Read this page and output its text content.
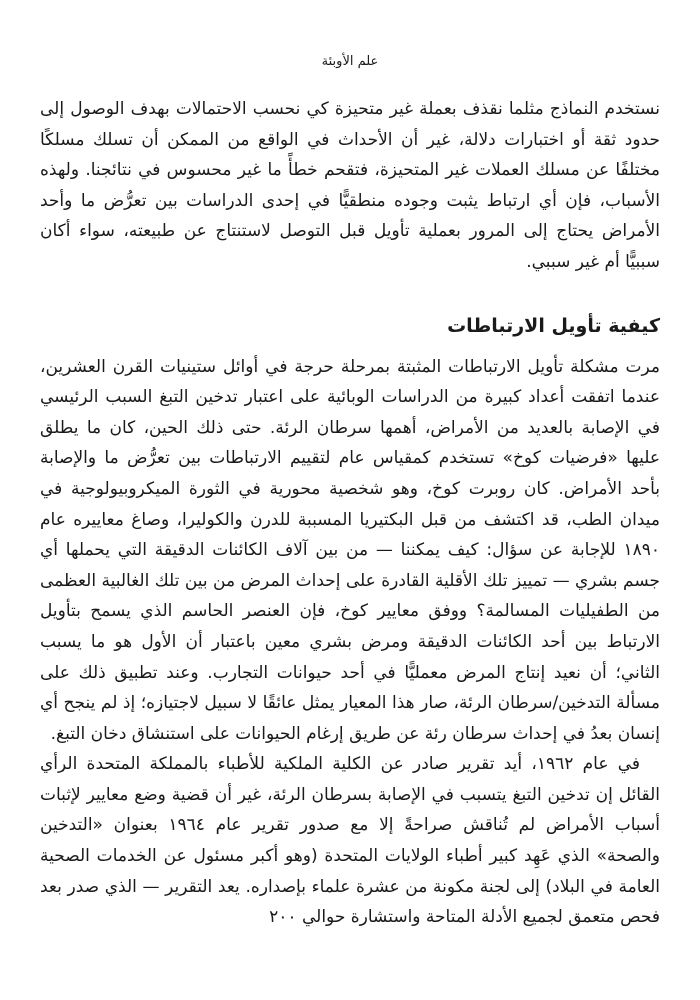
علم الأوبئة

نستخدم النماذج مثلما نقذف بعملة غير متحيزة كي نحسب الاحتمالات بهدف الوصول إلى حدود ثقة أو اختبارات دلالة، غير أن الأحداث في الواقع من الممكن أن تسلك مسلكًا مختلفًا عن مسلك العملات غير المتحيزة، فتقحم خطأً ما غير محسوس في نتائجنا. ولهذه الأسباب، فإن أي ارتباط يثبت وجوده منطقيًّا في إحدى الدراسات بين تعرُّض ما وأحد الأمراض يحتاج إلى المرور بعملية تأويل قبل التوصل لاستنتاج عن طبيعته، سواء أكان سببيًّا أم غير سببي.

كيفية تأويل الارتباطات

مرت مشكلة تأويل الارتباطات المثبتة بمرحلة حرجة في أوائل ستينيات القرن العشرين، عندما اتفقت أعداد كبيرة من الدراسات الوبائية على اعتبار تدخين التبغ السبب الرئيسي في الإصابة بالعديد من الأمراض، أهمها سرطان الرئة. حتى ذلك الحين، كان ما يطلق عليها «فرضيات كوخ» تستخدم كمقياس عام لتقييم الارتباطات بين تعرُّض ما والإصابة بأحد الأمراض. كان روبرت كوخ، وهو شخصية محورية في الثورة الميكروبيولوجية في ميدان الطب، قد اكتشف من قبل البكتيريا المسببة للدرن والكوليرا، وصاغ معاييره عام ١٨٩٠ للإجابة عن سؤال: كيف يمكننا — من بين آلاف الكائنات الدقيقة التي يحملها أي جسم بشري — تمييز تلك الأقلية القادرة على إحداث المرض من بين تلك الغالبية العظمى من الطفيليات المسالمة؟ ووفق معايير كوخ، فإن العنصر الحاسم الذي يسمح بتأويل الارتباط بين أحد الكائنات الدقيقة ومرض بشري معين باعتبار أن الأول هو ما يسبب الثاني؛ أن نعيد إنتاج المرض معمليًّا في أحد حيوانات التجارب. وعند تطبيق ذلك على مسألة التدخين/سرطان الرئة، صار هذا المعيار يمثل عائقًا لا سبيل لاجتيازه؛ إذ لم ينجح أي إنسان بعدُ في إحداث سرطان رئة عن طريق إرغام الحيوانات على استنشاق دخان التبغ.

في عام ١٩٦٢، أيد تقرير صادر عن الكلية الملكية للأطباء بالمملكة المتحدة الرأي القائل إن تدخين التبغ يتسبب في الإصابة بسرطان الرئة، غير أن قضية وضع معايير لإثبات أسباب الأمراض لم تُناقش صراحةً إلا مع صدور تقرير عام ١٩٦٤ بعنوان «التدخين والصحة» الذي عَهِد كبير أطباء الولايات المتحدة (وهو أكبر مسئول عن الخدمات الصحية العامة في البلاد) إلى لجنة مكونة من عشرة علماء بإصداره. يعد التقرير — الذي صدر بعد فحص متعمق لجميع الأدلة المتاحة واستشارة حوالي ٢٠٠
